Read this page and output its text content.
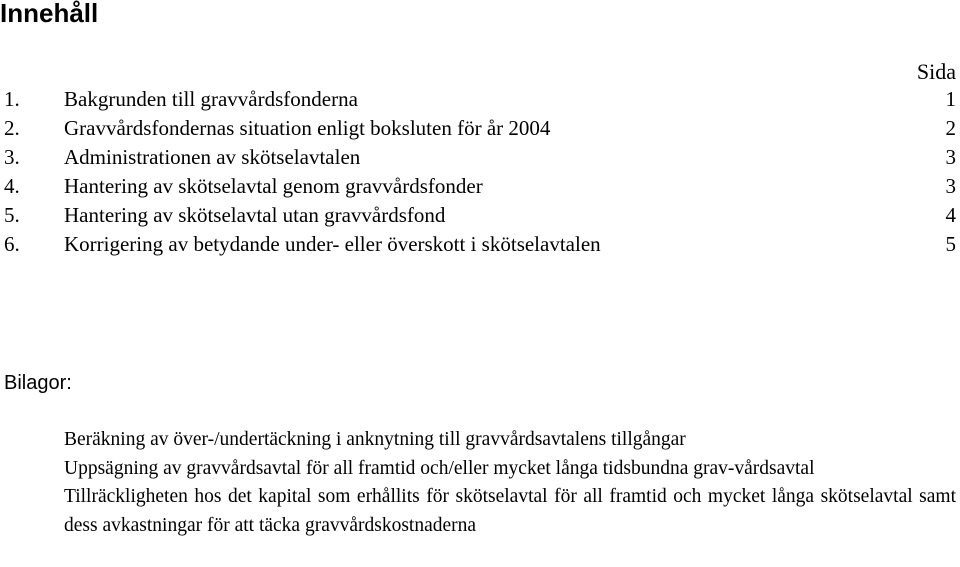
Innehåll
Sida
1. Bakgrunden till gravvårdsfonderna	1
2. Gravvårdsfondernas situation enligt boksluten för år 2004	2
3. Administrationen av skötselavtalen	3
4. Hantering av skötselavtal genom gravvårdsfonder	3
5. Hantering av skötselavtal utan gravvårdsfond	4
6. Korrigering av betydande under- eller överskott i skötselavtalen	5
Bilagor:
Beräkning av över-/undertäckning i anknytning till gravvårdsavtalens tillgångar
Uppsägning av gravvårdsavtal för all framtid och/eller mycket långa tidsbundna grav-vårdsavtal
Tillräckligheten hos det kapital som erhållits för skötselavtal för all framtid och mycket långa skötselavtal samt dess avkastningar för att täcka gravvårdskostnaderna
